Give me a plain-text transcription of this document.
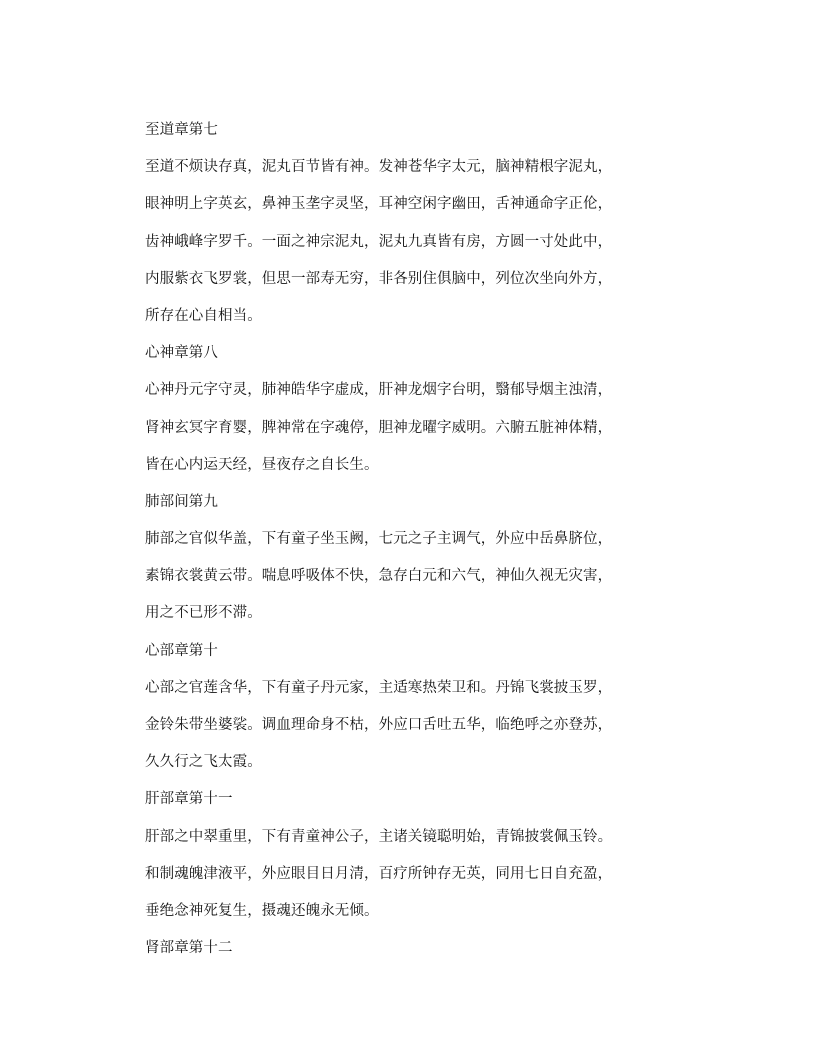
至道章第七
至道不烦诀存真，泥丸百节皆有神。发神苍华字太元，脑神精根字泥丸，
眼神明上字英玄，鼻神玉垄字灵坚，耳神空闲字幽田，舌神通命字正伦，
齿神峨峰字罗千。一面之神宗泥丸，泥丸九真皆有房，方圆一寸处此中，
内服紫衣飞罗裳，但思一部寿无穷，非各别住俱脑中，列位次坐向外方，
所存在心自相当。
心神章第八
心神丹元字守灵，肺神皓华字虚成，肝神龙烟字台明，翳郁导烟主浊清，
肾神玄冥字育婴，脾神常在字魂停，胆神龙曜字威明。六腑五脏神体精，
皆在心内运天经，昼夜存之自长生。
肺部间第九
肺部之官似华盖，下有童子坐玉阙，七元之子主调气，外应中岳鼻脐位，
素锦衣裳黄云带。喘息呼吸体不快，急存白元和六气，神仙久视无灾害，
用之不已形不滞。
心部章第十
心部之官莲含华，下有童子丹元家，主适寒热荣卫和。丹锦飞裳披玉罗，
金铃朱带坐婆裟。调血理命身不枯，外应口舌吐五华，临绝呼之亦登苏，
久久行之飞太霞。
肝部章第十一
肝部之中翠重里，下有青童神公子，主诸关镜聪明始，青锦披裳佩玉铃。
和制魂魄津液平，外应眼目日月清，百疗所钟存无英，同用七日自充盈，
垂绝念神死复生，摄魂还魄永无倾。
肾部章第十二
